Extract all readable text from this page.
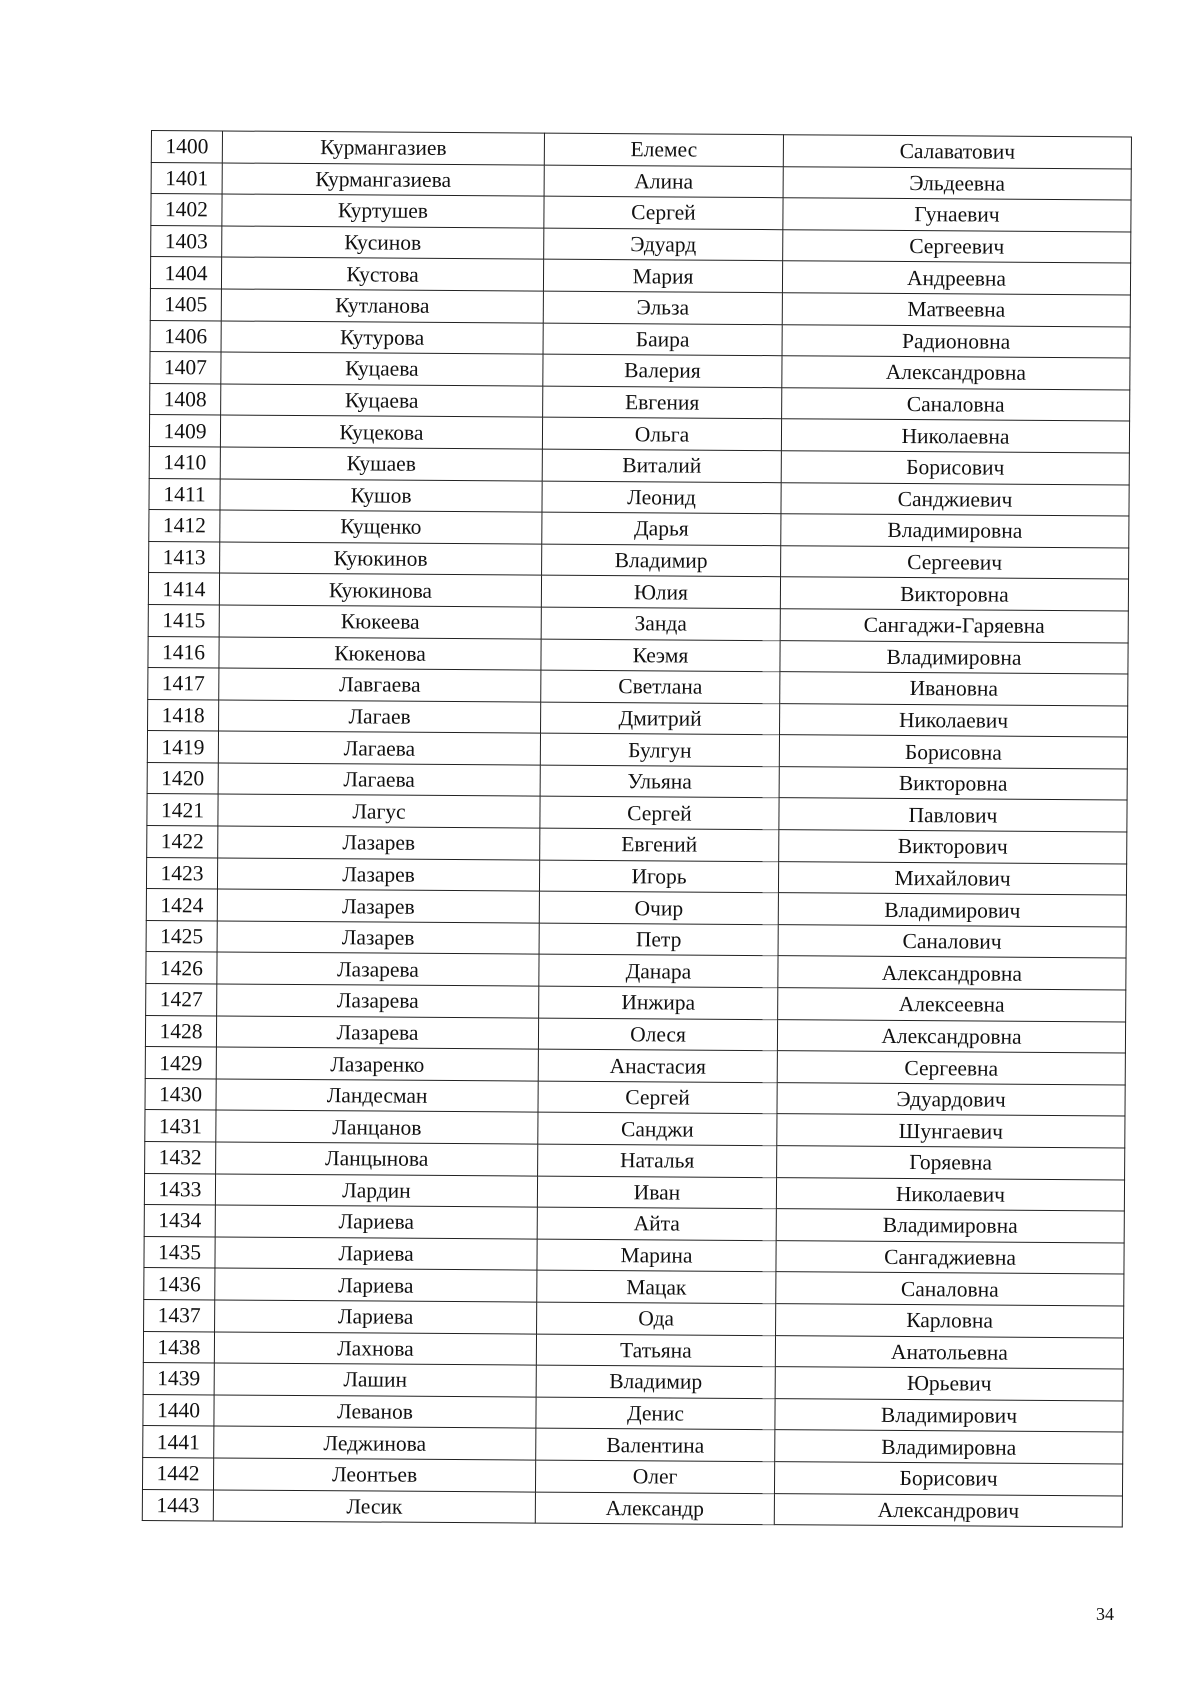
1400	Курмангазиев	Елемес	Салаватович
1401	Курмангазиева	Алина	Эльдеевна
1402	Куртушев	Сергей	Гунаевич
1403	Кусинов	Эдуард	Сергеевич
1404	Кустова	Мария	Андреевна
1405	Кутланова	Эльза	Матвеевна
1406	Кутурова	Баира	Радионовна
1407	Куцаева	Валерия	Александровна
1408	Куцаева	Евгения	Саналовна
1409	Куцекова	Ольга	Николаевна
1410	Кушаев	Виталий	Борисович
1411	Кушов	Леонид	Санджиевич
1412	Кущенко	Дарья	Владимировна
1413	Куюкинов	Владимир	Сергеевич
1414	Куюкинова	Юлия	Викторовна
1415	Кюкеева	Занда	Сангаджи-Гаряевна
1416	Кюкенова	Кеэмя	Владимировна
1417	Лавгаева	Светлана	Ивановна
1418	Лагаев	Дмитрий	Николаевич
1419	Лагаева	Булгун	Борисовна
1420	Лагаева	Ульяна	Викторовна
1421	Лагус	Сергей	Павлович
1422	Лазарев	Евгений	Викторович
1423	Лазарев	Игорь	Михайлович
1424	Лазарев	Очир	Владимирович
1425	Лазарев	Петр	Саналович
1426	Лазарева	Данара	Александровна
1427	Лазарева	Инжира	Алексеевна
1428	Лазарева	Олеся	Александровна
1429	Лазаренко	Анастасия	Сергеевна
1430	Ландесман	Сергей	Эдуардович
1431	Ланцанов	Санджи	Шунгаевич
1432	Ланцынова	Наталья	Горяевна
1433	Лардин	Иван	Николаевич
1434	Лариева	Айта	Владимировна
1435	Лариева	Марина	Сангаджиевна
1436	Лариева	Мацак	Саналовна
1437	Лариева	Ода	Карловна
1438	Лахнова	Татьяна	Анатольевна
1439	Лашин	Владимир	Юрьевич
1440	Леванов	Денис	Владимирович
1441	Леджинова	Валентина	Владимировна
1442	Леонтьев	Олег	Борисович
1443	Лесик	Александр	Александрович
34
